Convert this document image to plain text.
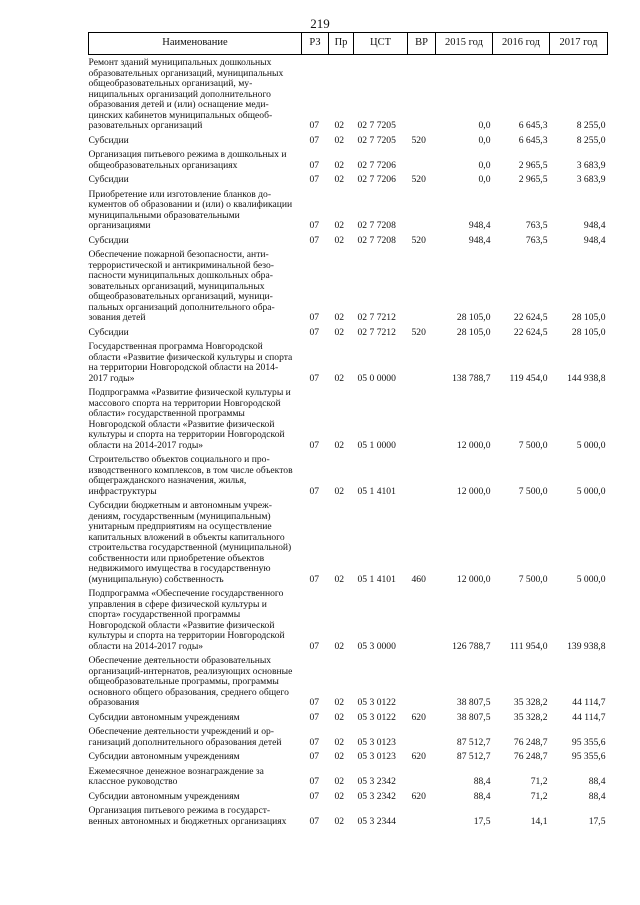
219
Наименование	РЗ	Пр	ЦСТ	ВР	2015 год	2016 год	2017 год
Ремонт зданий муниципальных дошкольных образовательных организаций, муниципальных общеобразовательных организаций, муниципальных организаций дополнительного образования детей и (или) оснащение медицинских кабинетов муниципальных общеобразовательных организаций	07	02	02 7 7205		0,0	6 645,3	8 255,0
Субсидии	07	02	02 7 7205	520	0,0	6 645,3	8 255,0
Организация питьевого режима в дошкольных и общеобразовательных организациях	07	02	02 7 7206		0,0	2 965,5	3 683,9
Субсидии	07	02	02 7 7206	520	0,0	2 965,5	3 683,9
Приобретение или изготовление бланков документов об образовании и (или) о квалификации муниципальными образовательными организациями	07	02	02 7 7208		948,4	763,5	948,4
Субсидии	07	02	02 7 7208	520	948,4	763,5	948,4
Обеспечение пожарной безопасности, антитеррористической и антикриминальной безопасности муниципальных дошкольных образовательных организаций, муниципальных общеобразовательных организаций, муниципальных организаций дополнительного образования детей	07	02	02 7 7212		28 105,0	22 624,5	28 105,0
Субсидии	07	02	02 7 7212	520	28 105,0	22 624,5	28 105,0
Государственная программа Новгородской области «Развитие физической культуры и спорта на территории Новгородской области на 2014-2017 годы»	07	02	05 0 0000		138 788,7	119 454,0	144 938,8
Подпрограмма «Развитие физической культуры и массового спорта на территории Новгородской области» государственной программы Новгородской области «Развитие физической культуры и спорта на территории Новгородской области на 2014-2017 годы»	07	02	05 1 0000		12 000,0	7 500,0	5 000,0
Строительство объектов социального и производственного комплексов, в том числе объектов общегражданского назначения, жилья, инфраструктуры	07	02	05 1 4101		12 000,0	7 500,0	5 000,0
Субсидии бюджетным и автономным учреждениям, государственным (муниципальным) унитарным предприятиям на осуществление капитальных вложений в объекты капитального строительства государственной (муниципальной) собственности или приобретение объектов недвижимого имущества в государственную (муниципальную) собственность	07	02	05 1 4101	460	12 000,0	7 500,0	5 000,0
Подпрограмма «Обеспечение государственного управления в сфере физической культуры и спорта» государственной программы Новгородской области «Развитие физической культуры и спорта на территории Новгородской области на 2014-2017 годы»	07	02	05 3 0000		126 788,7	111 954,0	139 938,8
Обеспечение деятельности образовательных организаций-интернатов, реализующих основные общеобразовательные программы, программы основного общего образования, среднего общего образования	07	02	05 3 0122		38 807,5	35 328,2	44 114,7
Субсидии автономным учреждениям	07	02	05 3 0122	620	38 807,5	35 328,2	44 114,7
Обеспечение деятельности учреждений и организаций дополнительного образования детей	07	02	05 3 0123		87 512,7	76 248,7	95 355,6
Субсидии автономным учреждениям	07	02	05 3 0123	620	87 512,7	76 248,7	95 355,6
Ежемесячное денежное вознаграждение за классное руководство	07	02	05 3 2342		88,4	71,2	88,4
Субсидии автономным учреждениям	07	02	05 3 2342	620	88,4	71,2	88,4
Организация питьевого режима в государственных автономных и бюджетных организациях	07	02	05 3 2344		17,5	14,1	17,5
